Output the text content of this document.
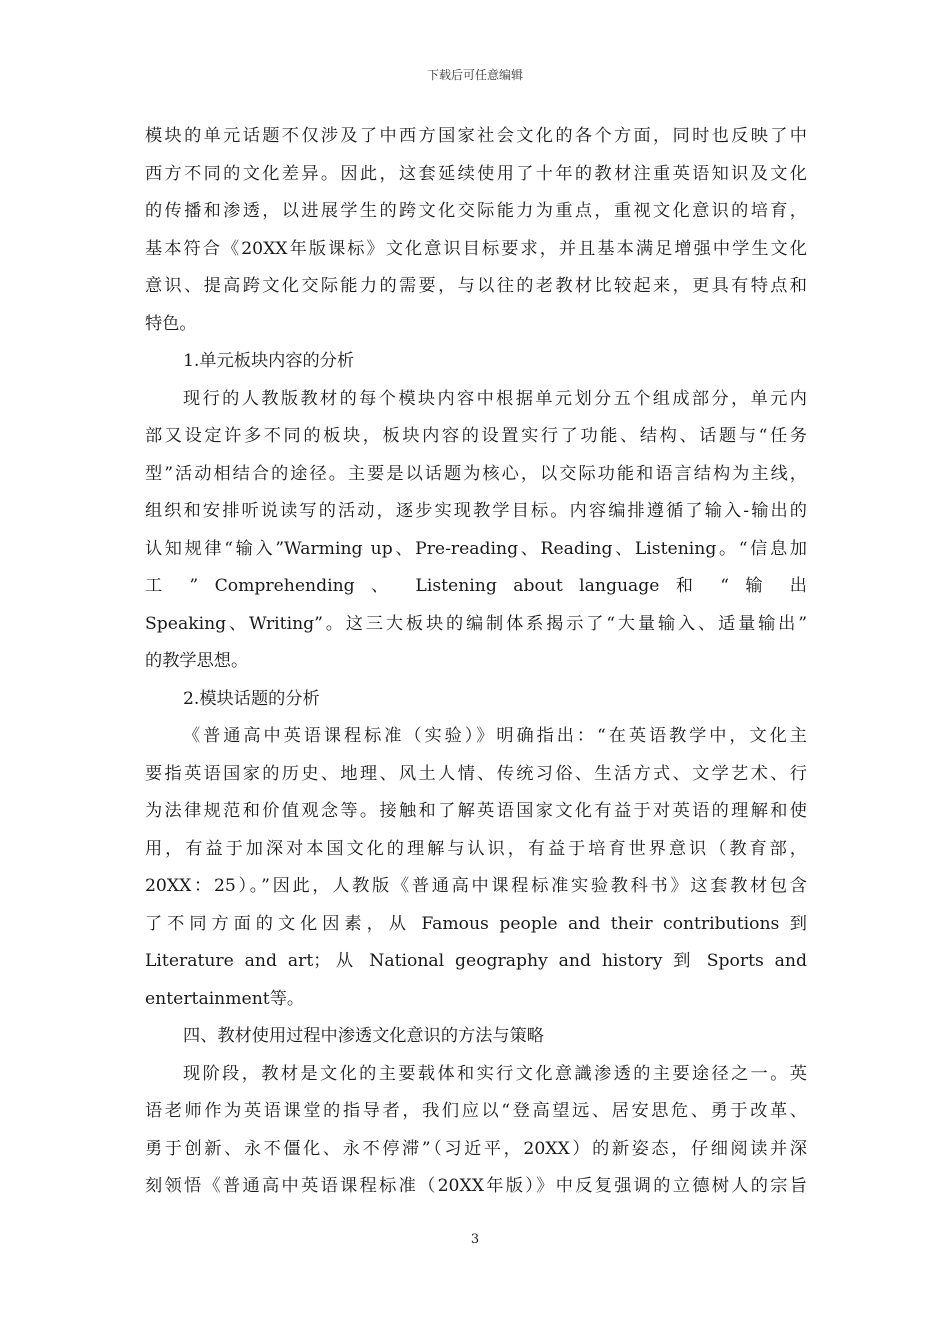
下载后可任意编辑
模块的单元话题不仅涉及了中西方国家社会文化的各个方面，同时也反映了中
西方不同的文化差异。因此，这套延续使用了十年的教材注重英语知识及文化
的传播和渗透，以进展学生的跨文化交际能力为重点，重视文化意识的培育，
基本符合《20XX年版课标》文化意识目标要求，并且基本满足增强中学生文化
意识、提高跨文化交际能力的需要，与以往的老教材比较起来，更具有特点和
特色。
1.单元板块内容的分析
现行的人教版教材的每个模块内容中根据单元划分五个组成部分，单元内
部又设定许多不同的板块，板块内容的设置实行了功能、结构、话题与“任务
型”活动相结合的途径。主要是以话题为核心，以交际功能和语言结构为主线，
组织和安排听说读写的活动，逐步实现教学目标。内容编排遵循了输入-输出的
认知规律“输入”Warming up、Pre-reading、Reading、Listening。“信息加
工 ” Comprehending 、 Listening about language 和 “ 输 出
Speaking、Writing”。这三大板块的编制体系揭示了“大量输入、适量输出”
的教学思想。
2.模块话题的分析
《普通高中英语课程标准（实验）》明确指出：“在英语教学中，文化主
要指英语国家的历史、地理、风土人情、传统习俗、生活方式、文学艺术、行
为法律规范和价值观念等。接触和了解英语国家文化有益于对英语的理解和使
用，有益于加深对本国文化的理解与认识，有益于培育世界意识（教育部，
20XX：25）。”因此，人教版《普通高中课程标准实验教科书》这套教材包含
了不同方面的文化因素，从 Famous people and their contributions 到
Literature and art；从 National geography and history 到 Sports and
entertainment等。
四、教材使用过程中渗透文化意识的方法与策略
现阶段，教材是文化的主要载体和实行文化意識渗透的主要途径之一。英
语老师作为英语课堂的指导者，我们应以“登高望远、居安思危、勇于改革、
勇于创新、永不僵化、永不停滞”（习近平，20XX）的新姿态，仔细阅读并深
刻领悟《普通高中英语课程标准（20XX年版）》中反复强调的立德树人的宗旨
3
